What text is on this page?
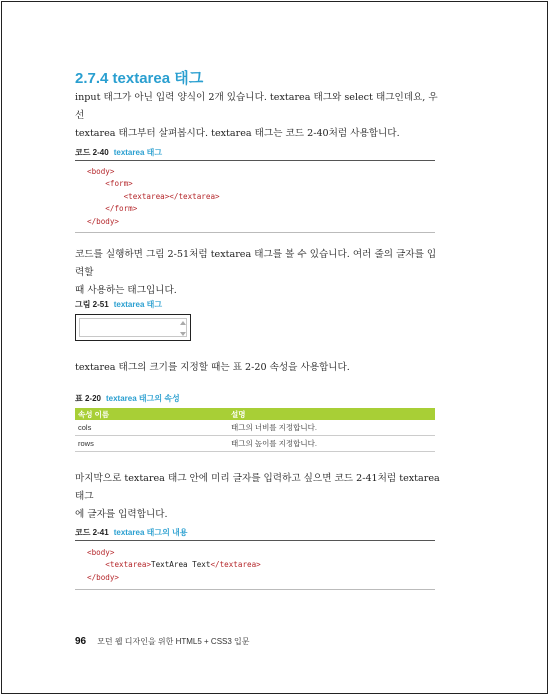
2.7.4 textarea 태그

input 태그가 아닌 입력 양식이 2개 있습니다. textarea 태그와 select 태그인데요, 우선

textarea 태그부터 살펴봅시다. textarea 태그는 코드 2-40처럼 사용합니다.

코드 2-40 textarea 태그
<body>
<form>
<textarea></textarea>
</form>
</body>

코드를 실행하면 그림 2-51처럼 textarea 태그를 볼 수 있습니다. 여러 줄의 글자를 입력할

때 사용하는 태그입니다.

그림 2-51 textarea 태그

textarea 태그의 크기를 지정할 때는 표 2-20 속성을 사용합니다.

표 2-20 textarea 태그의 속성
속성 이름	설명
cols	태그의 너비를 지정합니다.
rows	태그의 높이를 지정합니다.

마지막으로 textarea 태그 안에 미리 글자를 입력하고 싶으면 코드 2-41처럼 textarea 태그

에 글자를 입력합니다.

코드 2-41 textarea 태그의 내용
<body>
<textarea>TextArea Text</textarea>
</body>
96 모던 웹 디자인을 위한 HTML5 + CSS3 입문
